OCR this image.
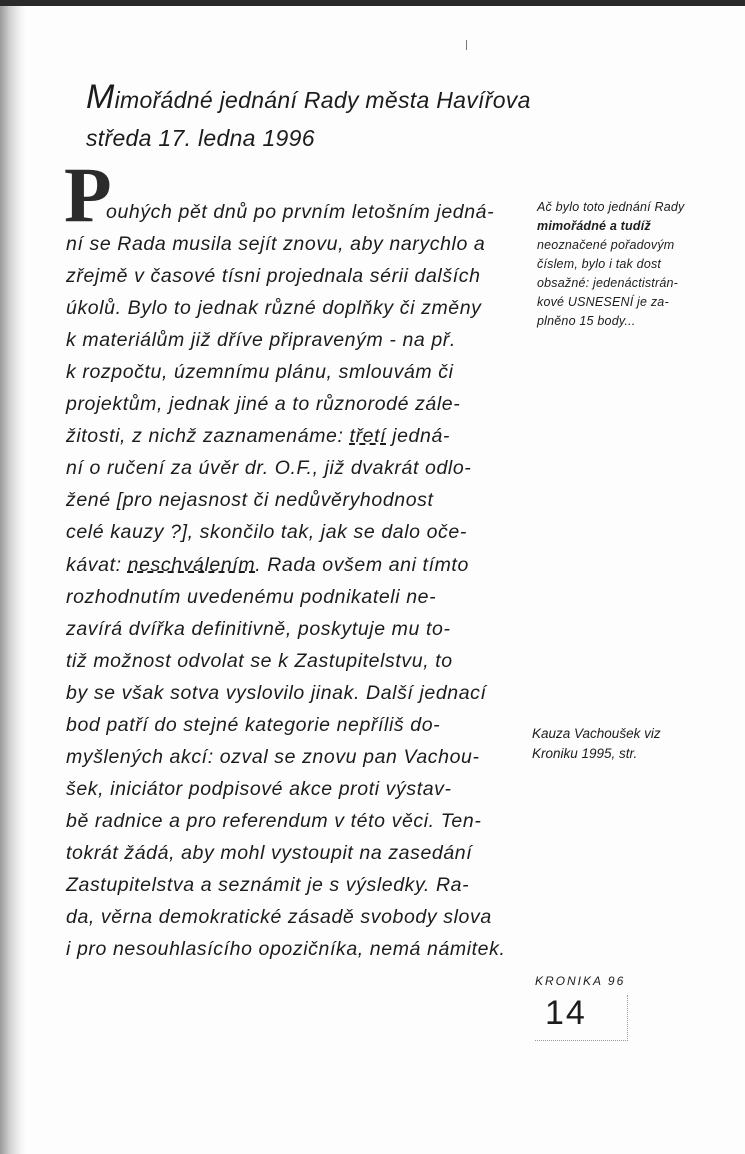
Mimořádné jednání Rady města Havířova
středa 17. ledna 1996
P
ouhých pět dnů po prvním letošním jedná-
ní se Rada musila sejít znovu, aby narychlo a
zřejmě v časové tísni projednala sérii dalších
úkolů. Bylo to jednak různé doplňky či změny
k materiálům již dříve připraveným - na př.
k rozpočtu, územnímu plánu, smlouvám či
projektům, jednak jiné a to různorodé zále-
žitosti, z nichž zaznamenáme: třetí jedná-
ní o ručení za úvěr dr. O.F., již dvakrát odlo-
žené [pro nejasnost či nedůvěryhodnost
celé kauzy ?], skončilo tak, jak se dalo oče-
kávat: neschválením. Rada ovšem ani tímto
rozhodnutím uvedenému podnikateli ne-
zavírá dvířka definitivně, poskytuje mu to-
tiž možnost odvolat se k Zastupitelstvu, to
by se však sotva vyslovilo jinak. Další jednací
bod patří do stejné kategorie nepříliš do-
myšlených akcí: ozval se znovu pan Vachou-
šek, iniciátor podpisové akce proti výstav-
bě radnice a pro referendum v této věci. Ten-
tokrát žádá, aby mohl vystoupit na zasedání
Zastupitelstva a seznámit je s výsledky. Ra-
da, věrna demokratické zásadě svobody slova
i pro nesouhlasícího opozičníka, nemá námitek.
Ač bylo toto jednání Rady
mimořádné a tudíž
neoznačené pořadovým
číslem, bylo i tak dost
obsažné: jedenáctistrán-
kové USNESENÍ je za-
plněno 15 body...
Kauza Vachoušek viz
Kroniku 1995, str.
KRONIKA 96
14
